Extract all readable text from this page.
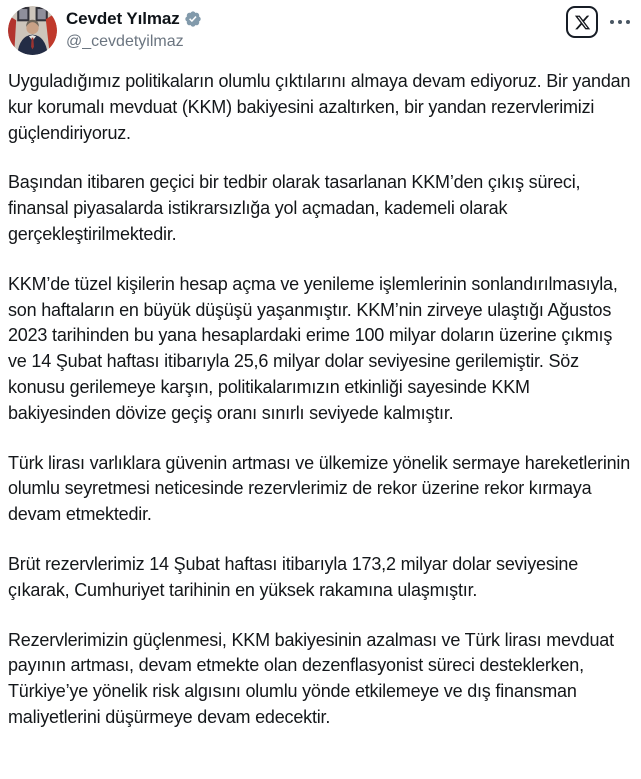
Cevdet Yılmaz
@_cevdetyilmaz

Uyguladığımız politikaların olumlu çıktılarını almaya devam ediyoruz. Bir yandan kur korumalı mevduat (KKM) bakiyesini azaltırken, bir yandan rezervlerimizi güçlendiriyoruz.

Başından itibaren geçici bir tedbir olarak tasarlanan KKM’den çıkış süreci, finansal piyasalarda istikrarsızlığa yol açmadan, kademeli olarak gerçekleştirilmektedir.

KKM’de tüzel kişilerin hesap açma ve yenileme işlemlerinin sonlandırılmasıyla, son haftaların en büyük düşüşü yaşanmıştır. KKM’nin zirveye ulaştığı Ağustos 2023 tarihinden bu yana hesaplardaki erime 100 milyar doların üzerine çıkmış ve 14 Şubat haftası itibarıyla 25,6 milyar dolar seviyesine gerilemiştir. Söz konusu gerilemeye karşın, politikalarımızın etkinliği sayesinde KKM bakiyesinden dövize geçiş oranı sınırlı seviyede kalmıştır.

Türk lirası varlıklara güvenin artması ve ülkemize yönelik sermaye hareketlerinin olumlu seyretmesi neticesinde rezervlerimiz de rekor üzerine rekor kırmaya devam etmektedir.

Brüt rezervlerimiz 14 Şubat haftası itibarıyla 173,2 milyar dolar seviyesine çıkarak, Cumhuriyet tarihinin en yüksek rakamına ulaşmıştır.

Rezervlerimizin güçlenmesi, KKM bakiyesinin azalması ve Türk lirası mevduat payının artması, devam etmekte olan dezenflasyonist süreci desteklerken, Türkiye’ye yönelik risk algısını olumlu yönde etkilemeye ve dış finansman maliyetlerini düşürmeye devam edecektir.
